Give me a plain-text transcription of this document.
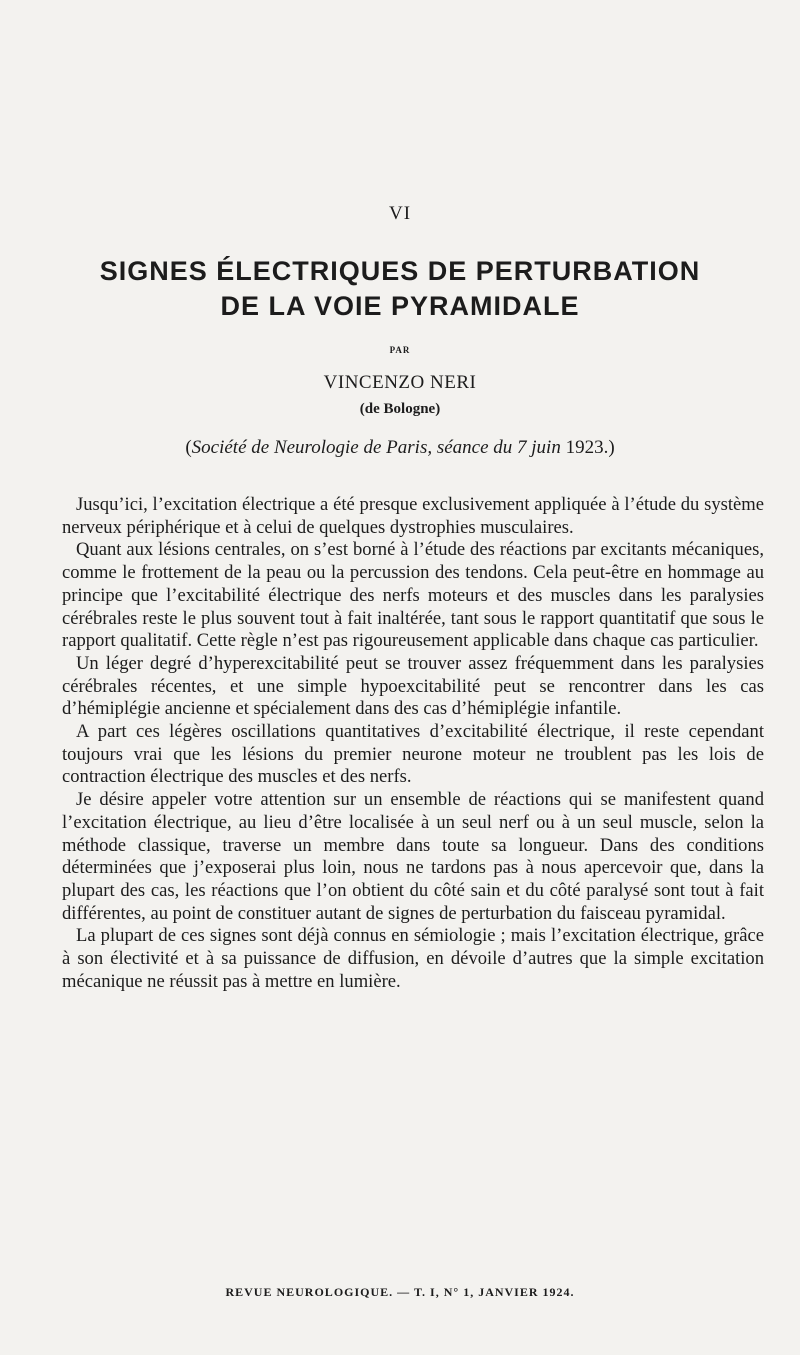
VI
SIGNES ÉLECTRIQUES DE PERTURBATION
DE LA VOIE PYRAMIDALE
PAR
VINCENZO NERI
(de Bologne)
(Société de Neurologie de Paris, séance du 7 juin 1923.)

Jusqu’ici, l’excitation électrique a été presque exclusivement appliquée à l’étude du système nerveux périphérique et à celui de quelques dystrophies musculaires.

Quant aux lésions centrales, on s’est borné à l’étude des réactions par excitants mécaniques, comme le frottement de la peau ou la percussion des tendons. Cela peut-être en hommage au principe que l’excitabilité électrique des nerfs moteurs et des muscles dans les paralysies cérébrales reste le plus souvent tout à fait inaltérée, tant sous le rapport quantitatif que sous le rapport qualitatif. Cette règle n’est pas rigoureusement applicable dans chaque cas particulier.

Un léger degré d’hyperexcitabilité peut se trouver assez fréquemment dans les paralysies cérébrales récentes, et une simple hypoexcitabilité peut se rencontrer dans les cas d’hémiplégie ancienne et spécialement dans des cas d’hémiplégie infantile.

A part ces légères oscillations quantitatives d’excitabilité électrique, il reste cependant toujours vrai que les lésions du premier neurone moteur ne troublent pas les lois de contraction électrique des muscles et des nerfs.

Je désire appeler votre attention sur un ensemble de réactions qui se manifestent quand l’excitation électrique, au lieu d’être localisée à un seul nerf ou à un seul muscle, selon la méthode classique, traverse un membre dans toute sa longueur. Dans des conditions déterminées que j’exposerai plus loin, nous ne tardons pas à nous apercevoir que, dans la plupart des cas, les réactions que l’on obtient du côté sain et du côté paralysé sont tout à fait différentes, au point de constituer autant de signes de perturbation du faisceau pyramidal.

La plupart de ces signes sont déjà connus en sémiologie ; mais l’excitation électrique, grâce à son électivité et à sa puissance de diffusion, en dévoile d’autres que la simple excitation mécanique ne réussit pas à mettre en lumière.

REVUE NEUROLOGIQUE. — T. I, N° 1, JANVIER 1924.
